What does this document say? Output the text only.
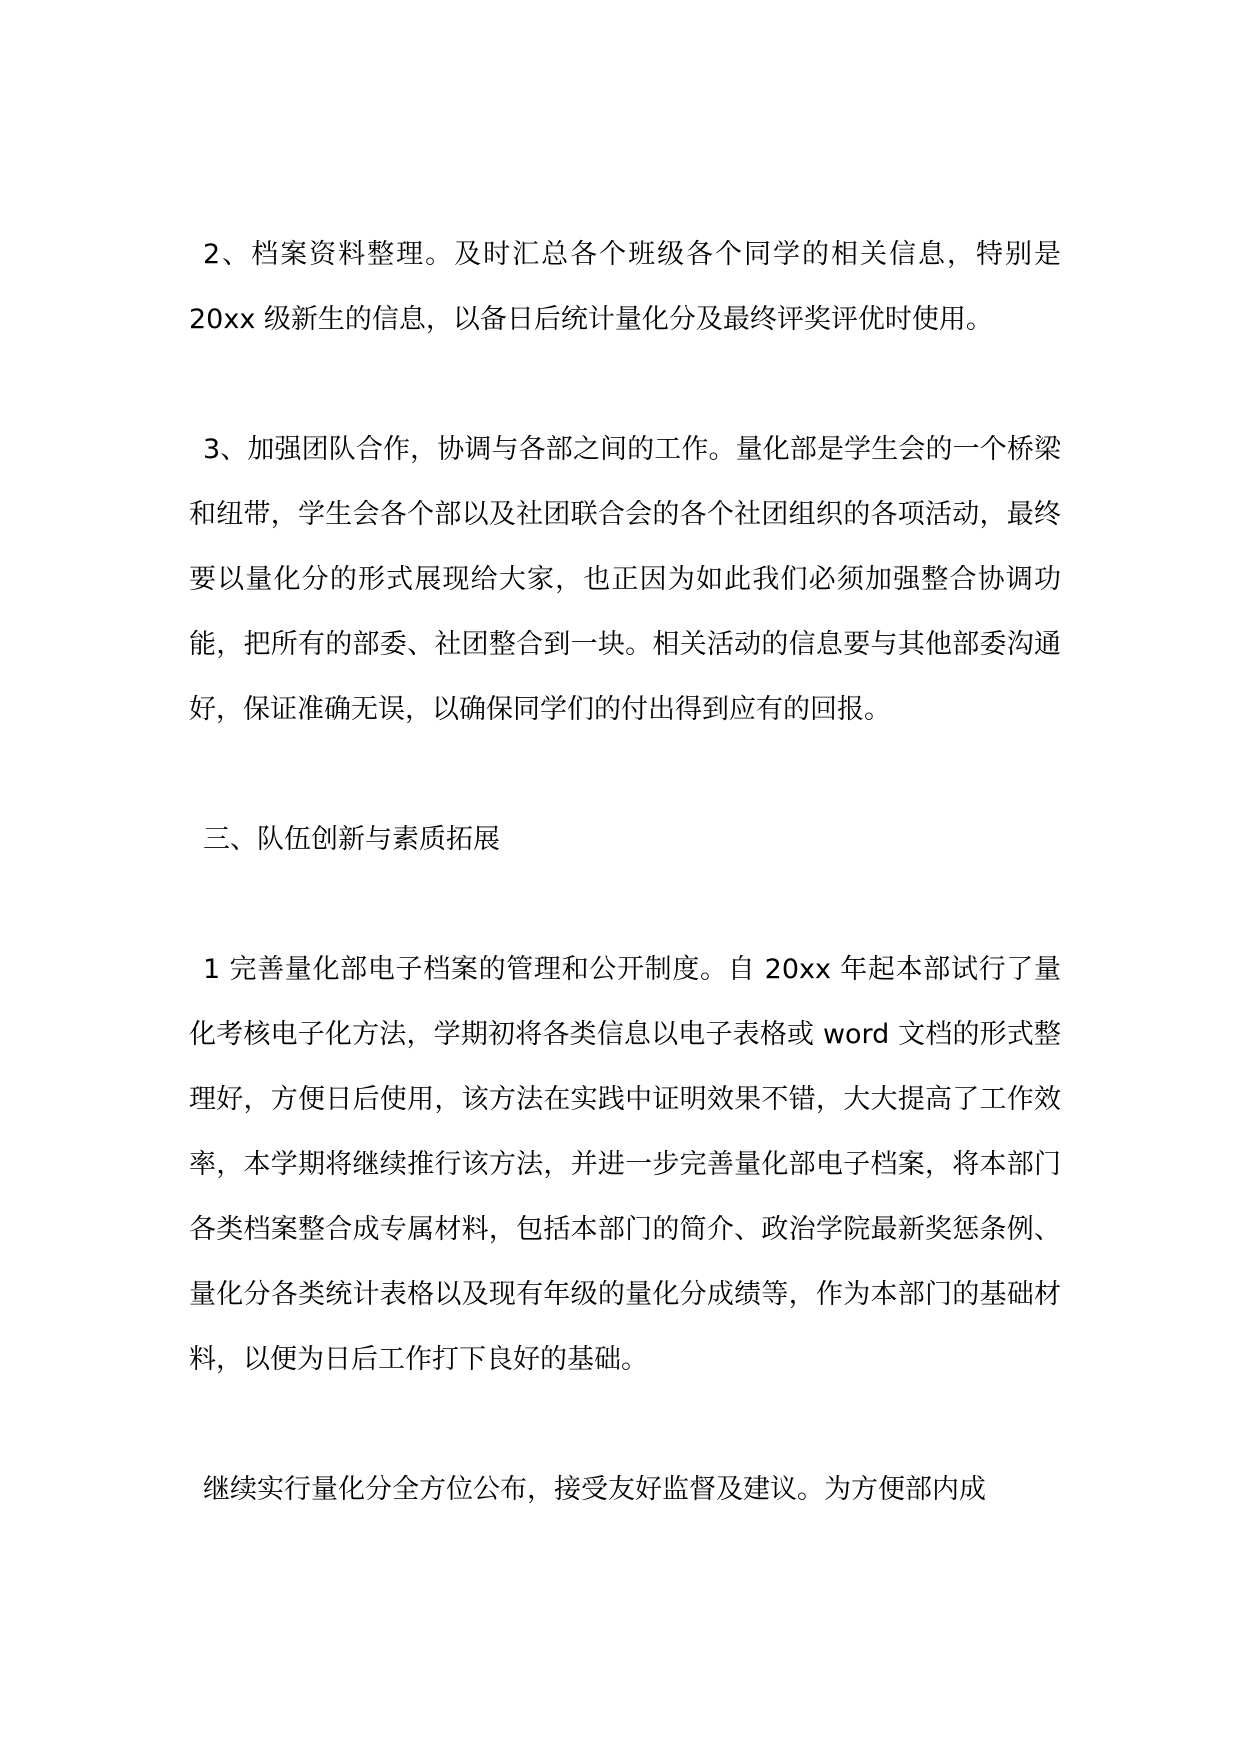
2、档案资料整理。及时汇总各个班级各个同学的相关信息，特别是20xx 级新生的信息，以备日后统计量化分及最终评奖评优时使用。

3、加强团队合作，协调与各部之间的工作。量化部是学生会的一个桥梁和纽带，学生会各个部以及社团联合会的各个社团组织的各项活动，最终要以量化分的形式展现给大家，也正因为如此我们必须加强整合协调功能，把所有的部委、社团整合到一块。相关活动的信息要与其他部委沟通好，保证准确无误，以确保同学们的付出得到应有的回报。

三、队伍创新与素质拓展

1 完善量化部电子档案的管理和公开制度。自 20xx 年起本部试行了量化考核电子化方法，学期初将各类信息以电子表格或 word 文档的形式整理好，方便日后使用，该方法在实践中证明效果不错，大大提高了工作效率，本学期将继续推行该方法，并进一步完善量化部电子档案，将本部门各类档案整合成专属材料，包括本部门的简介、政治学院最新奖惩条例、量化分各类统计表格以及现有年级的量化分成绩等，作为本部门的基础材料，以便为日后工作打下良好的基础。

继续实行量化分全方位公布，接受友好监督及建议。为方便部内成
